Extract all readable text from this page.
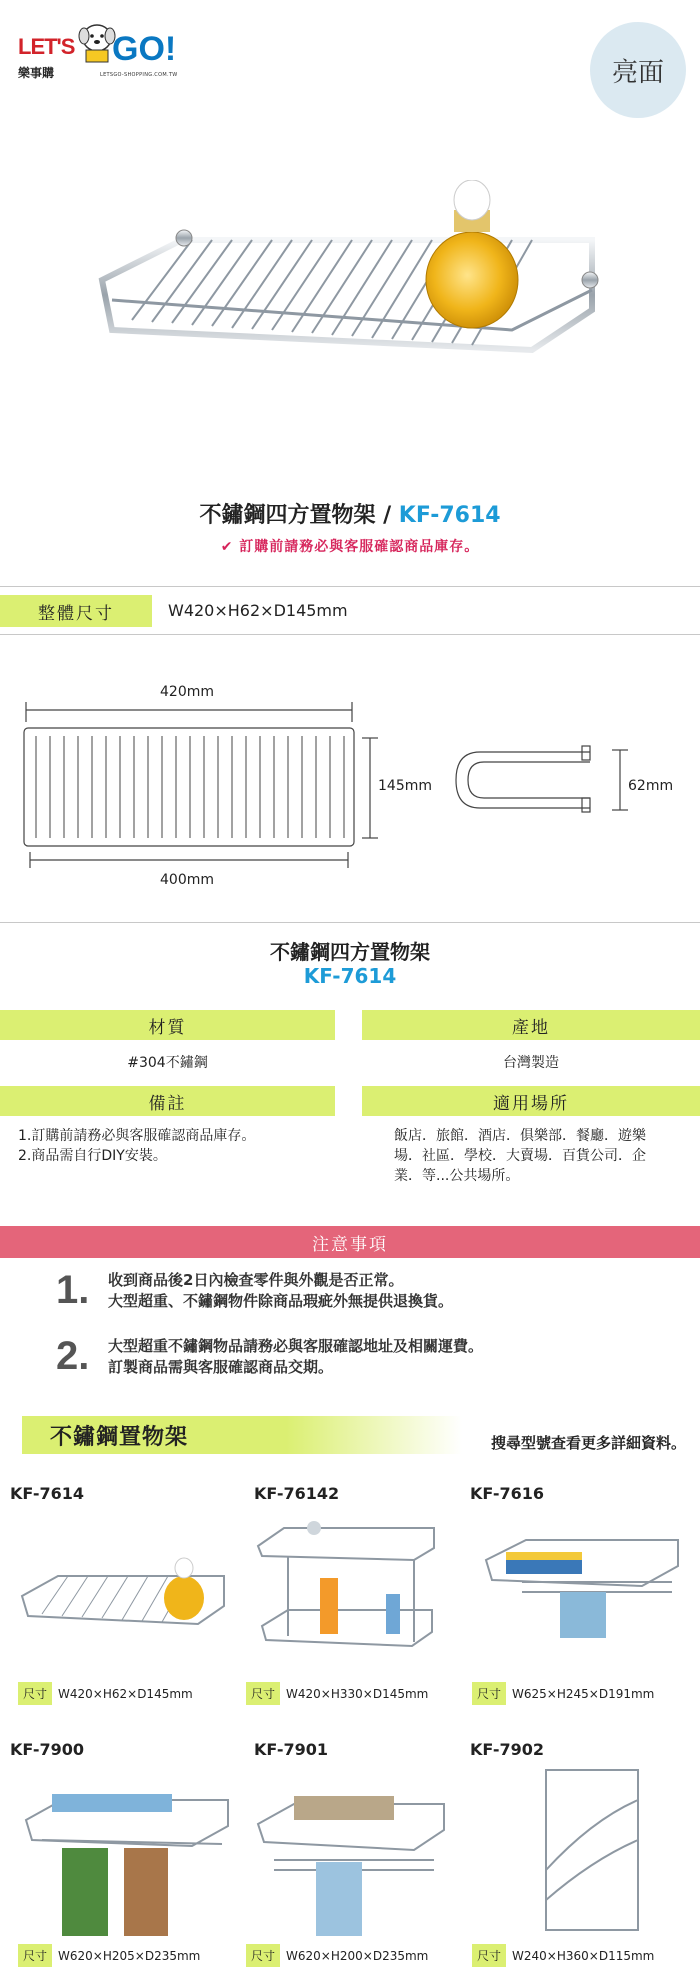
LET'S GO!
樂事購	LETSGO-SHOPPING.COM.TW	亮面
不鏽鋼四方置物架 / KF-7614
✔ 訂購前請務必與客服確認商品庫存。
整體尺寸	W420×H62×D145mm
420mm
400mm
145mm	62mm
不鏽鋼四方置物架
KF-7614
材質	產地
#304不鏽鋼	台灣製造
備註	適用場所
1.訂購前請務必與客服確認商品庫存。
2.商品需自行DIY安裝。
飯店．旅館．酒店．俱樂部．餐廳．遊樂場．社區．學校．大賣場．百貨公司．企業．等...公共場所。
注意事項
1. 收到商品後2日內檢查零件與外觀是否正常。
大型超重、不鏽鋼物件除商品瑕疵外無提供退換貨。
2. 大型超重不鏽鋼物品請務必與客服確認地址及相關運費。
訂製商品需與客服確認商品交期。
不鏽鋼置物架	搜尋型號查看更多詳細資料。
KF-7614	KF-76142	KF-7616
尺寸 W420×H62×D145mm	尺寸 W420×H330×D145mm	尺寸 W625×H245×D191mm
KF-7900	KF-7901	KF-7902
尺寸 W620×H205×D235mm	尺寸 W620×H200×D235mm	尺寸 W240×H360×D115mm
